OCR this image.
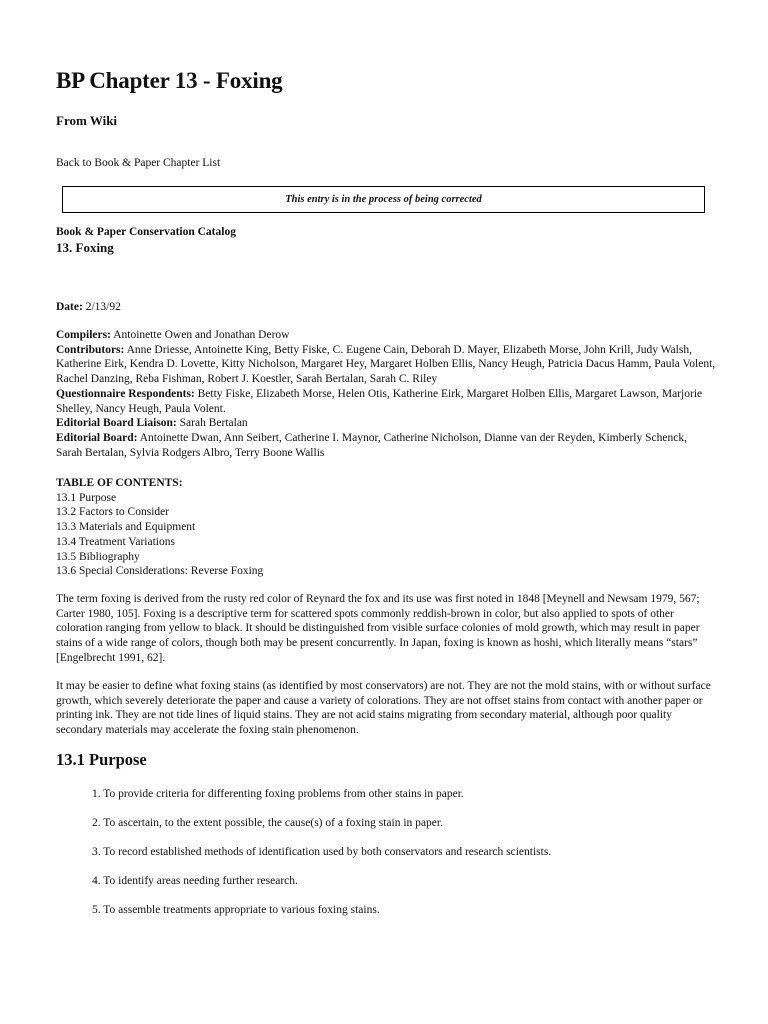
BP Chapter 13 - Foxing
From Wiki
Back to Book & Paper Chapter List
This entry is in the process of being corrected
Book & Paper Conservation Catalog
13. Foxing
Date: 2/13/92

Compilers: Antoinette Owen and Jonathan Derow

Contributors: Anne Driesse, Antoinette King, Betty Fiske, C. Eugene Cain, Deborah D. Mayer, Elizabeth Morse, John Krill, Judy Walsh, Katherine Eirk, Kendra D. Lovette, Kitty Nicholson, Margaret Hey, Margaret Holben Ellis, Nancy Heugh, Patricia Dacus Hamm, Paula Volent, Rachel Danzing, Reba Fishman, Robert J. Koestler, Sarah Bertalan, Sarah C. Riley

Questionnaire Respondents: Betty Fiske, Elizabeth Morse, Helen Otis, Katherine Eirk, Margaret Holben Ellis, Margaret Lawson, Marjorie Shelley, Nancy Heugh, Paula Volent.

Editorial Board Liaison: Sarah Bertalan

Editorial Board: Antoinette Dwan, Ann Seibert, Catherine I. Maynor, Catherine Nicholson, Dianne van der Reyden, Kimberly Schenck, Sarah Bertalan, Sylvia Rodgers Albro, Terry Boone Wallis

TABLE OF CONTENTS:
13.1 Purpose
13.2 Factors to Consider
13.3 Materials and Equipment
13.4 Treatment Variations
13.5 Bibliography
13.6 Special Considerations: Reverse Foxing
The term foxing is derived from the rusty red color of Reynard the fox and its use was first noted in 1848 [Meynell and Newsam 1979, 567; Carter 1980, 105]. Foxing is a descriptive term for scattered spots commonly reddish-brown in color, but also applied to spots of other coloration ranging from yellow to black. It should be distinguished from visible surface colonies of mold growth, which may result in paper stains of a wide range of colors, though both may be present concurrently. In Japan, foxing is known as hoshi, which literally means “stars” [Engelbrecht 1991, 62].
It may be easier to define what foxing stains (as identified by most conservators) are not. They are not the mold stains, with or without surface growth, which severely deteriorate the paper and cause a variety of colorations. They are not offset stains from contact with another paper or printing ink. They are not tide lines of liquid stains. They are not acid stains migrating from secondary material, although poor quality secondary materials may accelerate the foxing stain phenomenon.
13.1 Purpose
1. To provide criteria for differenting foxing problems from other stains in paper.
2. To ascertain, to the extent possible, the cause(s) of a foxing stain in paper.
3. To record established methods of identification used by both conservators and research scientists.
4. To identify areas needing further research.
5. To assemble treatments appropriate to various foxing stains.
